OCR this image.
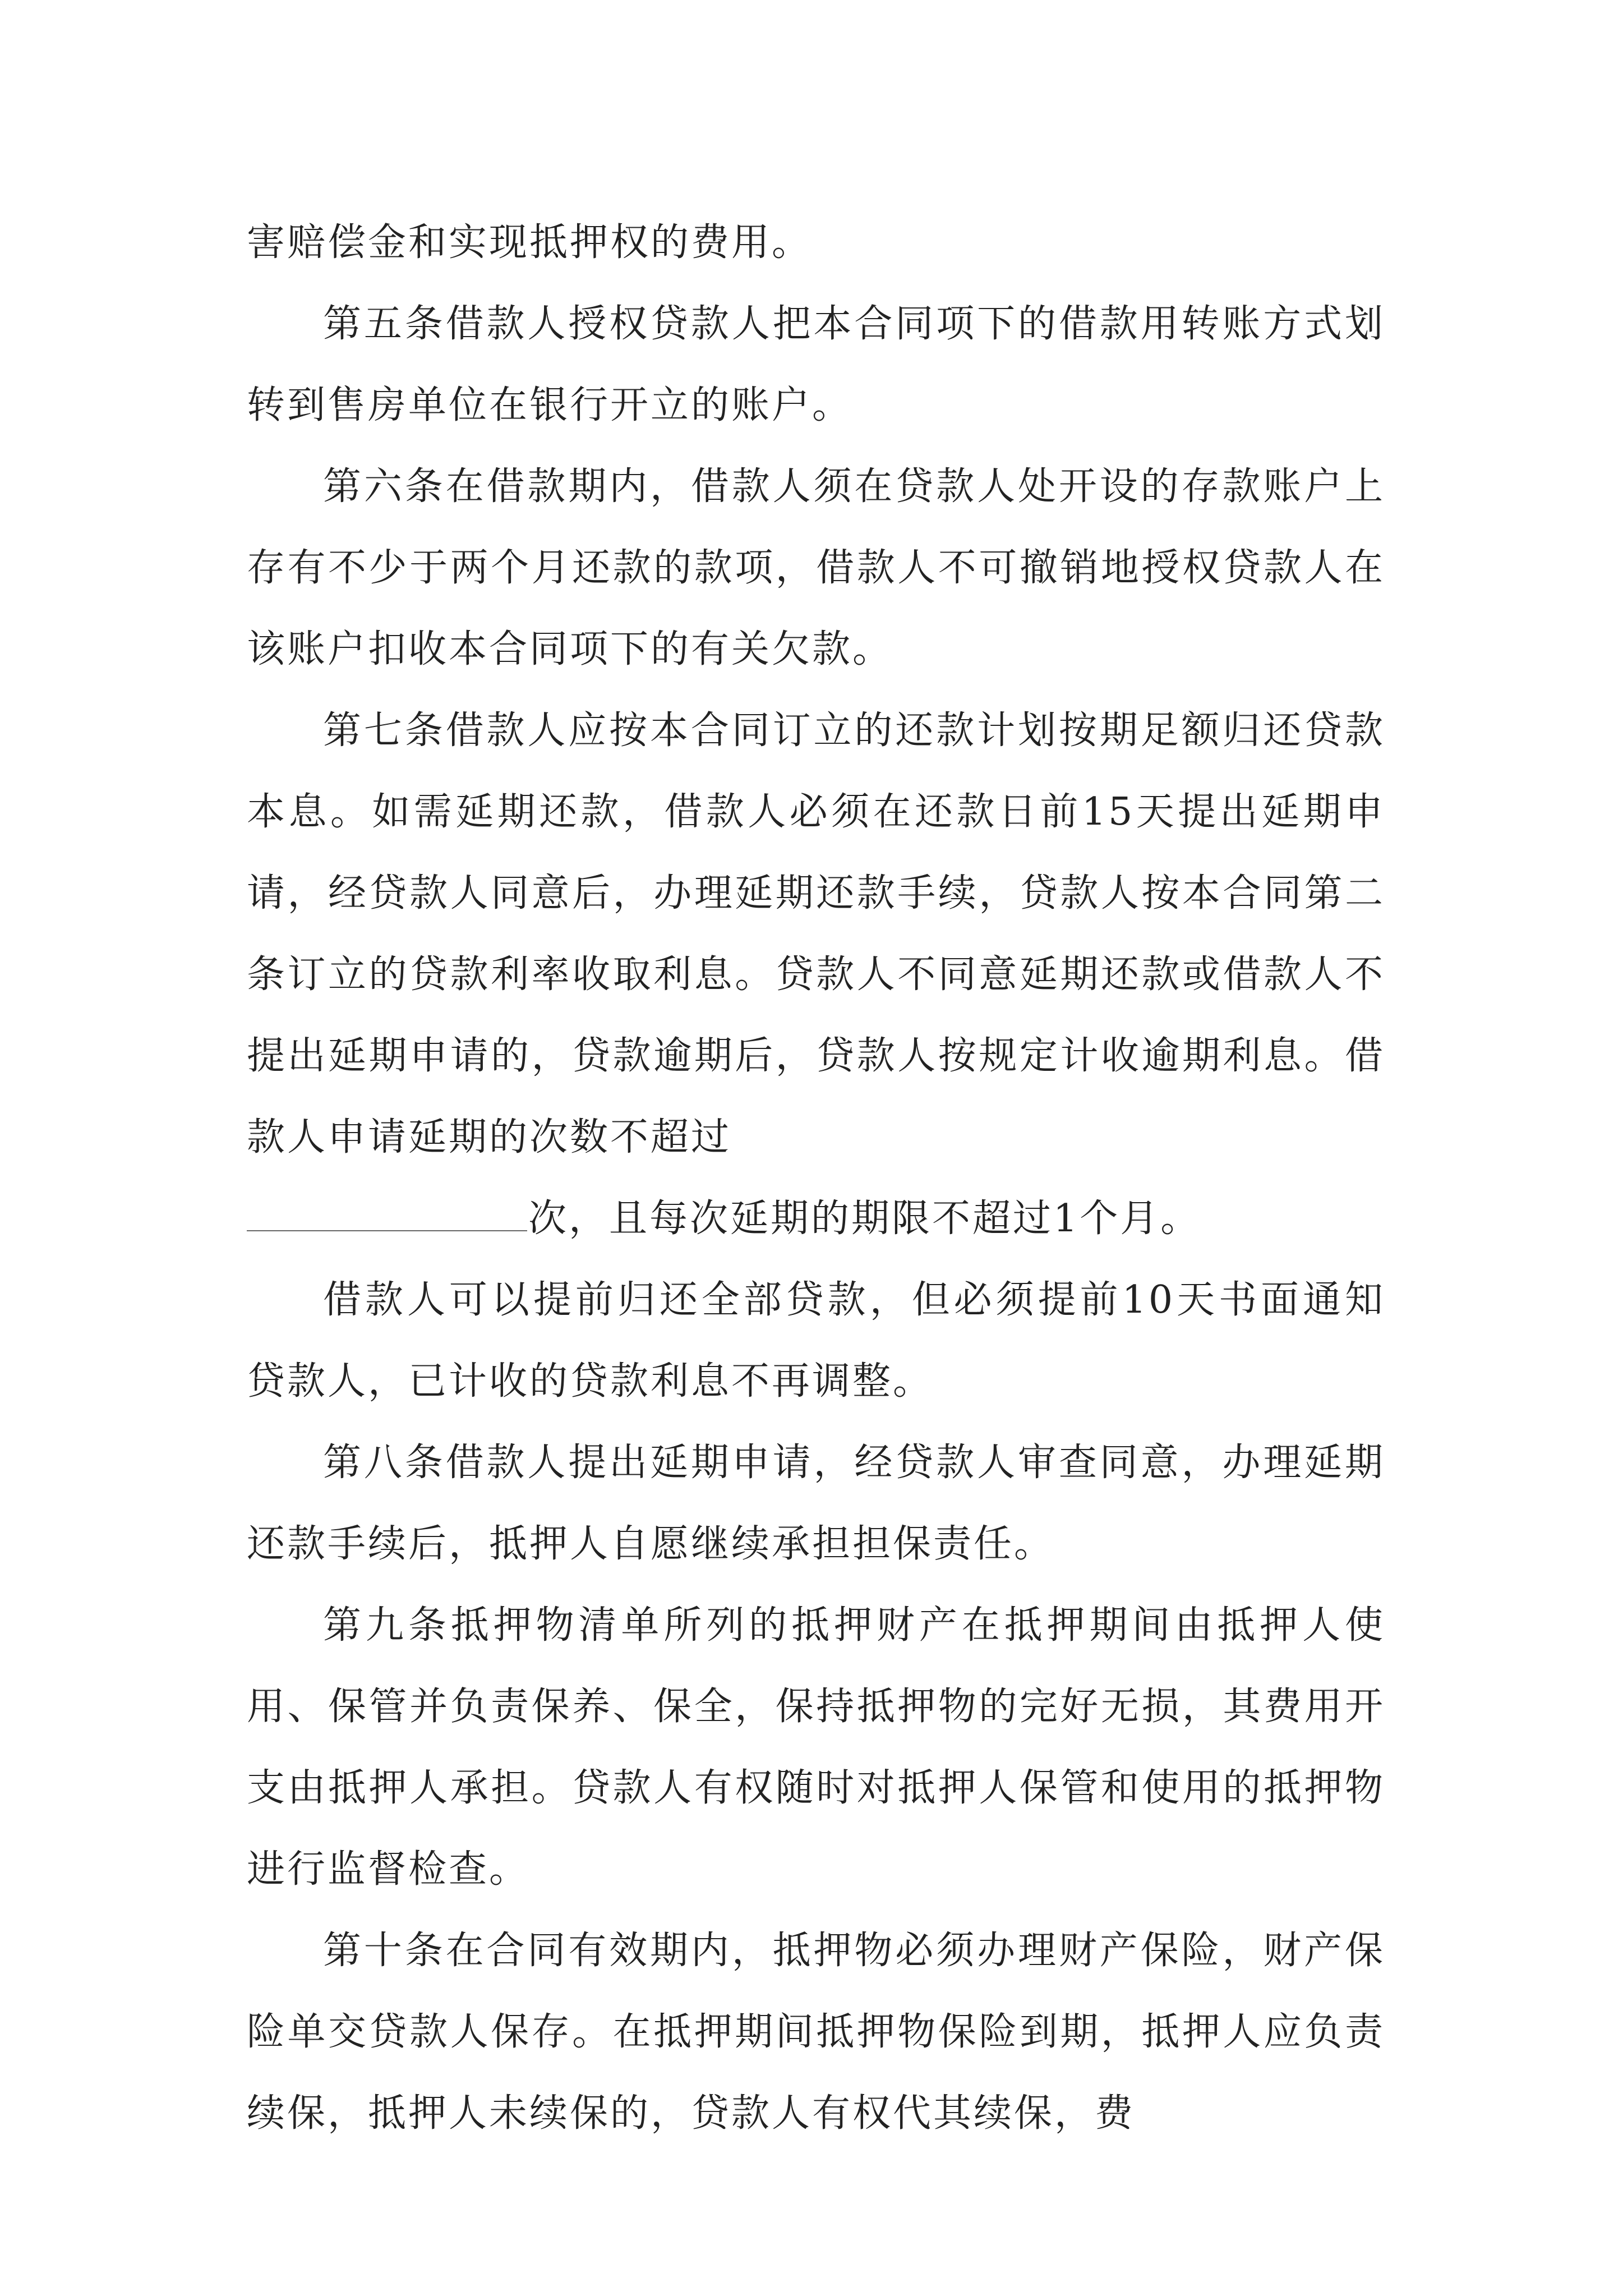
害赔偿金和实现抵押权的费用。

第五条借款人授权贷款人把本合同项下的借款用转账方式划转到售房单位在银行开立的账户。

第六条在借款期内，借款人须在贷款人处开设的存款账户上存有不少于两个月还款的款项，借款人不可撤销地授权贷款人在该账户扣收本合同项下的有关欠款。

第七条借款人应按本合同订立的还款计划按期足额归还贷款本息。如需延期还款，借款人必须在还款日前15天提出延期申请，经贷款人同意后，办理延期还款手续，贷款人按本合同第二条订立的贷款利率收取利息。贷款人不同意延期还款或借款人不提出延期申请的，贷款逾期后，贷款人按规定计收逾期利息。借款人申请延期的次数不超过

次，且每次延期的期限不超过1个月。

借款人可以提前归还全部贷款，但必须提前10天书面通知贷款人，已计收的贷款利息不再调整。

第八条借款人提出延期申请，经贷款人审查同意，办理延期还款手续后，抵押人自愿继续承担担保责任。

第九条抵押物清单所列的抵押财产在抵押期间由抵押人使用、保管并负责保养、保全，保持抵押物的完好无损，其费用开支由抵押人承担。贷款人有权随时对抵押人保管和使用的抵押物进行监督检查。

第十条在合同有效期内，抵押物必须办理财产保险，财产保险单交贷款人保存。在抵押期间抵押物保险到期，抵押人应负责续保，抵押人未续保的，贷款人有权代其续保，费
